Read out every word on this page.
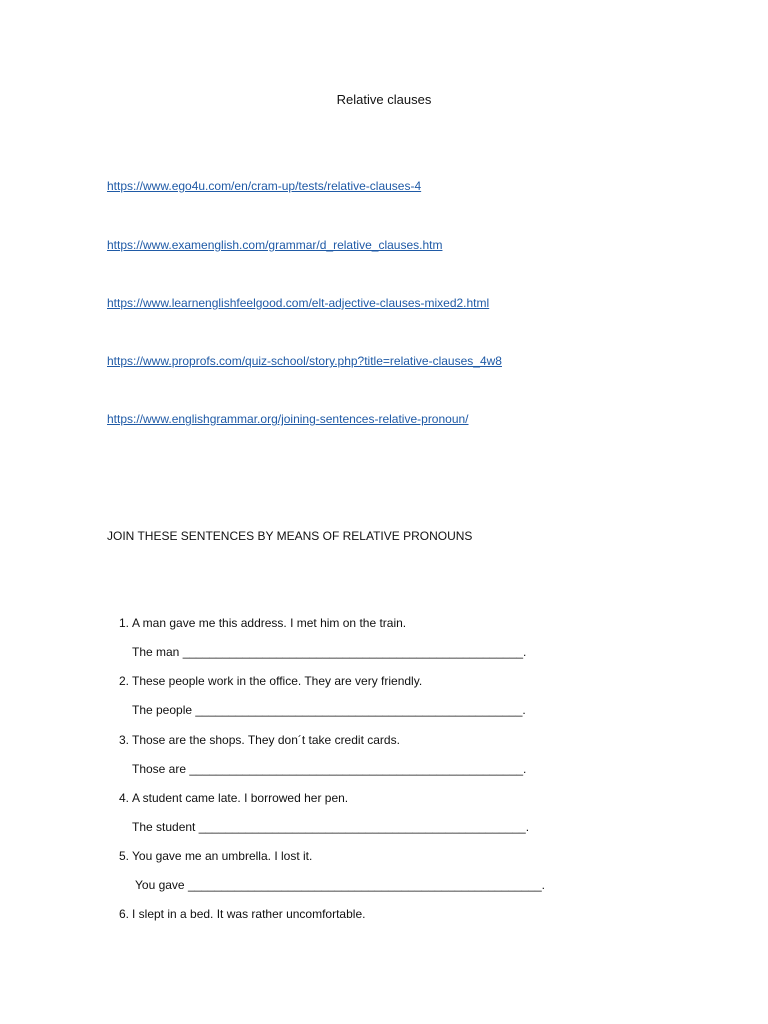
Relative clauses
https://www.ego4u.com/en/cram-up/tests/relative-clauses-4
https://www.examenglish.com/grammar/d_relative_clauses.htm
https://www.learnenglishfeelgood.com/elt-adjective-clauses-mixed2.html
https://www.proprofs.com/quiz-school/story.php?title=relative-clauses_4w8
https://www.englishgrammar.org/joining-sentences-relative-pronoun/
JOIN THESE SENTENCES BY MEANS OF RELATIVE PRONOUNS
1. A man gave me this address. I met him on the train.
The man ___________________________________________________.
2. These people work in the office. They are very friendly.
The people _________________________________________________.
3. Those are the shops. They don´t take credit cards.
Those are __________________________________________________.
4. A student came late. I borrowed her pen.
The student _________________________________________________.
5. You gave me an umbrella. I lost it.
You gave _____________________________________________________.
6. I slept in a bed. It was rather uncomfortable.
